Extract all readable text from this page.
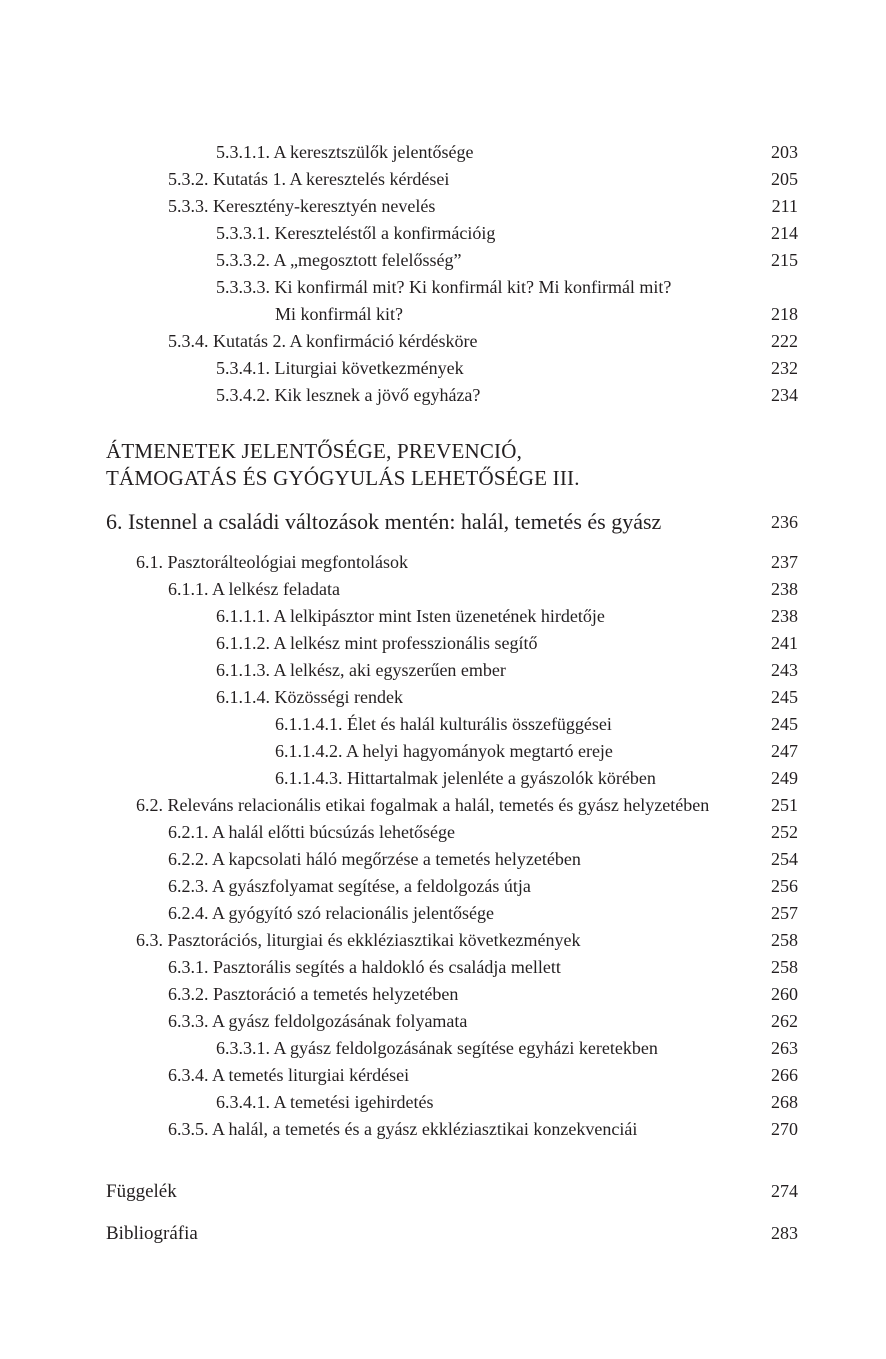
5.3.1.1. A keresztszülők jelentősége	203
5.3.2. Kutatás 1. A keresztelés kérdései	205
5.3.3. Keresztény-keresztyén nevelés	211
5.3.3.1. Kereszteléstől a konfirmációig	214
5.3.3.2. A „megosztott felelősség”	215
5.3.3.3. Ki konfirmál mit? Ki konfirmál kit? Mi konfirmál mit?
Mi konfirmál kit?	218
5.3.4. Kutatás 2. A konfirmáció kérdésköre	222
5.3.4.1. Liturgiai következmények	232
5.3.4.2. Kik lesznek a jövő egyháza?	234
ÁTMENETEK JELENTŐSÉGE, PREVENCIÓ,
TÁMOGATÁS ÉS GYÓGYULÁS LEHETŐSÉGE III.
6. Istennel a családi változások mentén: halál, temetés és gyász	236
6.1. Pasztorálteológiai megfontolások	237
6.1.1. A lelkész feladata	238
6.1.1.1. A lelkipásztor mint Isten üzenetének hirdetője	238
6.1.1.2. A lelkész mint professzionális segítő	241
6.1.1.3. A lelkész, aki egyszerűen ember	243
6.1.1.4. Közösségi rendek	245
6.1.1.4.1. Élet és halál kulturális összefüggései	245
6.1.1.4.2. A helyi hagyományok megtartó ereje	247
6.1.1.4.3. Hittartalmak jelenléte a gyászolók körében	249
6.2. Releváns relacionális etikai fogalmak a halál, temetés és gyász helyzetében	251
6.2.1. A halál előtti búcsúzás lehetősége	252
6.2.2. A kapcsolati háló megőrzése a temetés helyzetében	254
6.2.3. A gyászfolyamat segítése, a feldolgozás útja	256
6.2.4. A gyógyító szó relacionális jelentősége	257
6.3. Pasztorációs, liturgiai és ekkléziasztikai következmények	258
6.3.1. Pasztorális segítés a haldokló és családja mellett	258
6.3.2. Pasztoráció a temetés helyzetében	260
6.3.3. A gyász feldolgozásának folyamata	262
6.3.3.1. A gyász feldolgozásának segítése egyházi keretekben	263
6.3.4. A temetés liturgiai kérdései	266
6.3.4.1. A temetési igehirdetés	268
6.3.5. A halál, a temetés és a gyász ekkléziasztikai konzekvenciái	270
Függelék	274
Bibliográfia	283
